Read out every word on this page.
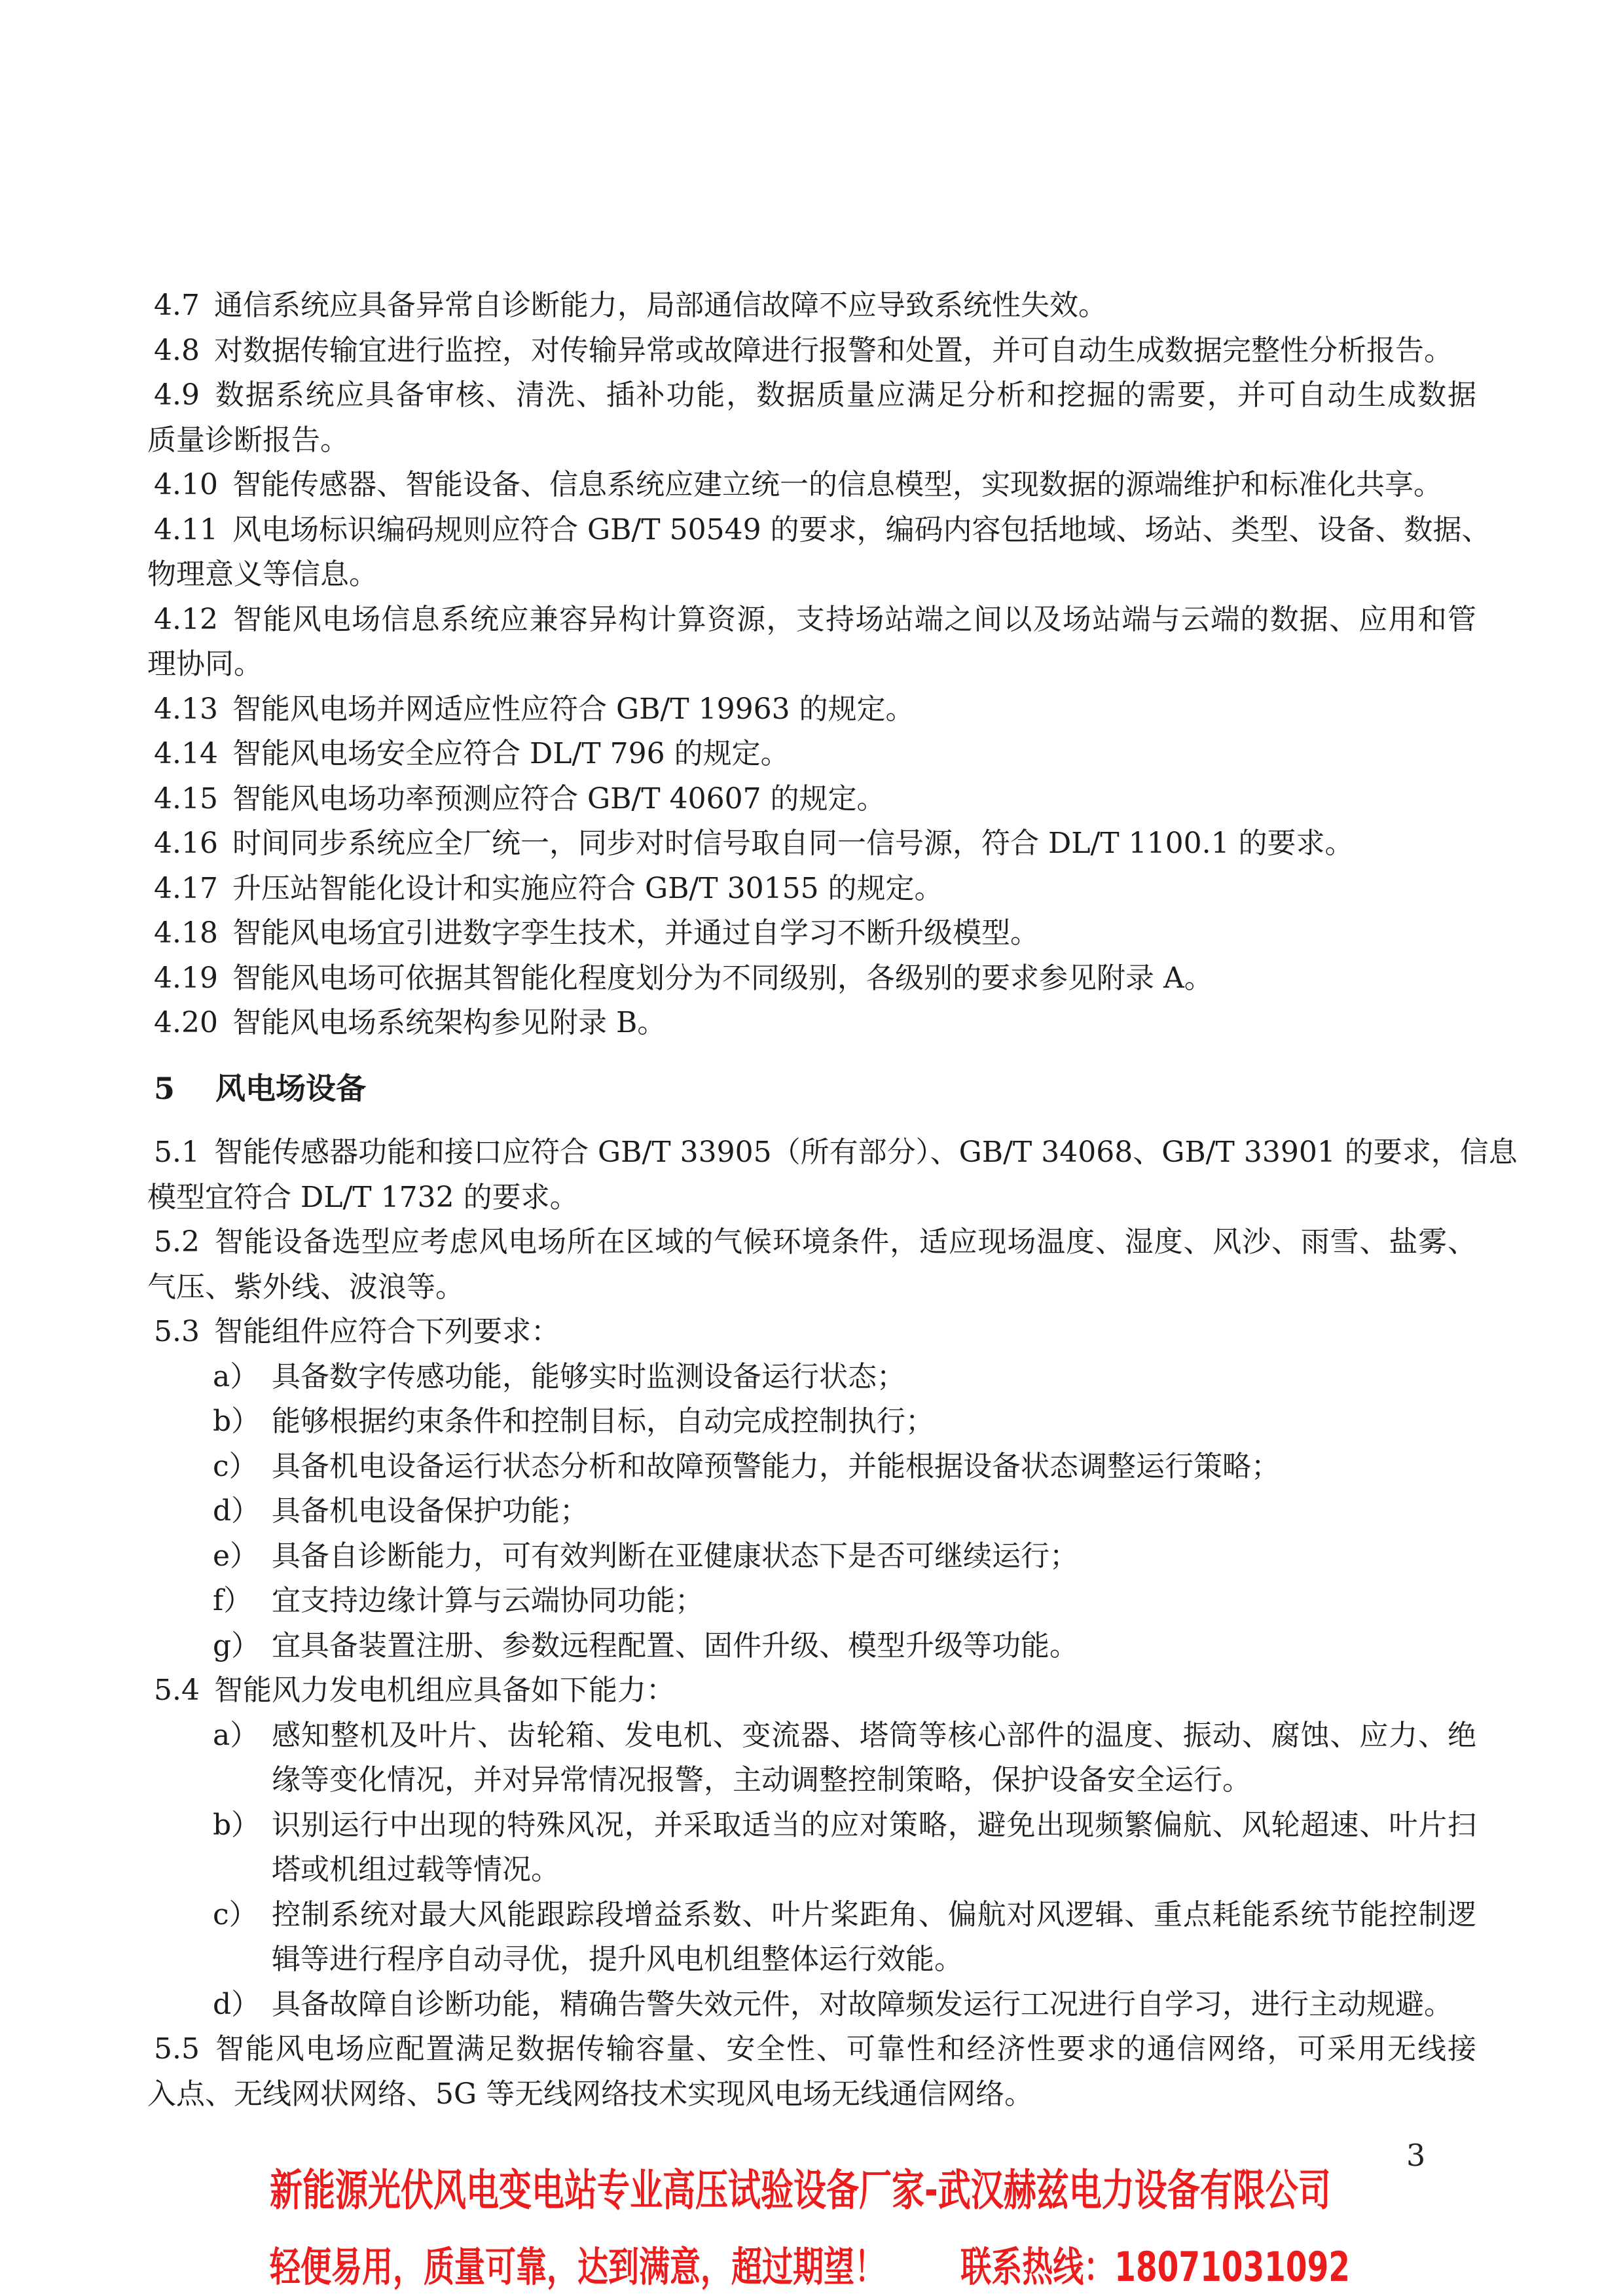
4.7 通信系统应具备异常自诊断能力，局部通信故障不应导致系统性失效。

4.8 对数据传输宜进行监控，对传输异常或故障进行报警和处置，并可自动生成数据完整性分析报告。

4.9 数据系统应具备审核、清洗、插补功能，数据质量应满足分析和挖掘的需要，并可自动生成数据

质量诊断报告。

4.10 智能传感器、智能设备、信息系统应建立统一的信息模型，实现数据的源端维护和标准化共享。

4.11 风电场标识编码规则应符合 GB/T 50549 的要求，编码内容包括地域、场站、类型、设备、数据、

物理意义等信息。

4.12 智能风电场信息系统应兼容异构计算资源，支持场站端之间以及场站端与云端的数据、应用和管

理协同。

4.13 智能风电场并网适应性应符合 GB/T 19963 的规定。

4.14 智能风电场安全应符合 DL/T 796 的规定。

4.15 智能风电场功率预测应符合 GB/T 40607 的规定。

4.16 时间同步系统应全厂统一，同步对时信号取自同一信号源，符合 DL/T 1100.1 的要求。

4.17 升压站智能化设计和实施应符合 GB/T 30155 的规定。

4.18 智能风电场宜引进数字孪生技术，并通过自学习不断升级模型。

4.19 智能风电场可依据其智能化程度划分为不同级别，各级别的要求参见附录 A。

4.20 智能风电场系统架构参见附录 B。

5 风电场设备

5.1 智能传感器功能和接口应符合 GB/T 33905（所有部分）、GB/T 34068、GB/T 33901 的要求，信息

模型宜符合 DL/T 1732 的要求。

5.2 智能设备选型应考虑风电场所在区域的气候环境条件，适应现场温度、湿度、风沙、雨雪、盐雾、

气压、紫外线、波浪等。

5.3 智能组件应符合下列要求：

a） 具备数字传感功能，能够实时监测设备运行状态；
b） 能够根据约束条件和控制目标，自动完成控制执行；
c） 具备机电设备运行状态分析和故障预警能力，并能根据设备状态调整运行策略；
d） 具备机电设备保护功能；
e） 具备自诊断能力，可有效判断在亚健康状态下是否可继续运行；
f） 宜支持边缘计算与云端协同功能；
g） 宜具备装置注册、参数远程配置、固件升级、模型升级等功能。

5.4 智能风力发电机组应具备如下能力：

a） 感知整机及叶片、齿轮箱、发电机、变流器、塔筒等核心部件的温度、振动、腐蚀、应力、绝
缘等变化情况，并对异常情况报警，主动调整控制策略，保护设备安全运行。
b） 识别运行中出现的特殊风况，并采取适当的应对策略，避免出现频繁偏航、风轮超速、叶片扫
塔或机组过载等情况。
c） 控制系统对最大风能跟踪段增益系数、叶片桨距角、偏航对风逻辑、重点耗能系统节能控制逻
辑等进行程序自动寻优，提升风电机组整体运行效能。
d） 具备故障自诊断功能，精确告警失效元件，对故障频发运行工况进行自学习，进行主动规避。

5.5 智能风电场应配置满足数据传输容量、安全性、可靠性和经济性要求的通信网络，可采用无线接

入点、无线网状网络、5G 等无线网络技术实现风电场无线通信网络。

3
新能源光伏风电变电站专业高压试验设备厂家-武汉赫兹电力设备有限公司
轻便易用，质量可靠，达到满意，超过期望！ 联系热线：18071031092
